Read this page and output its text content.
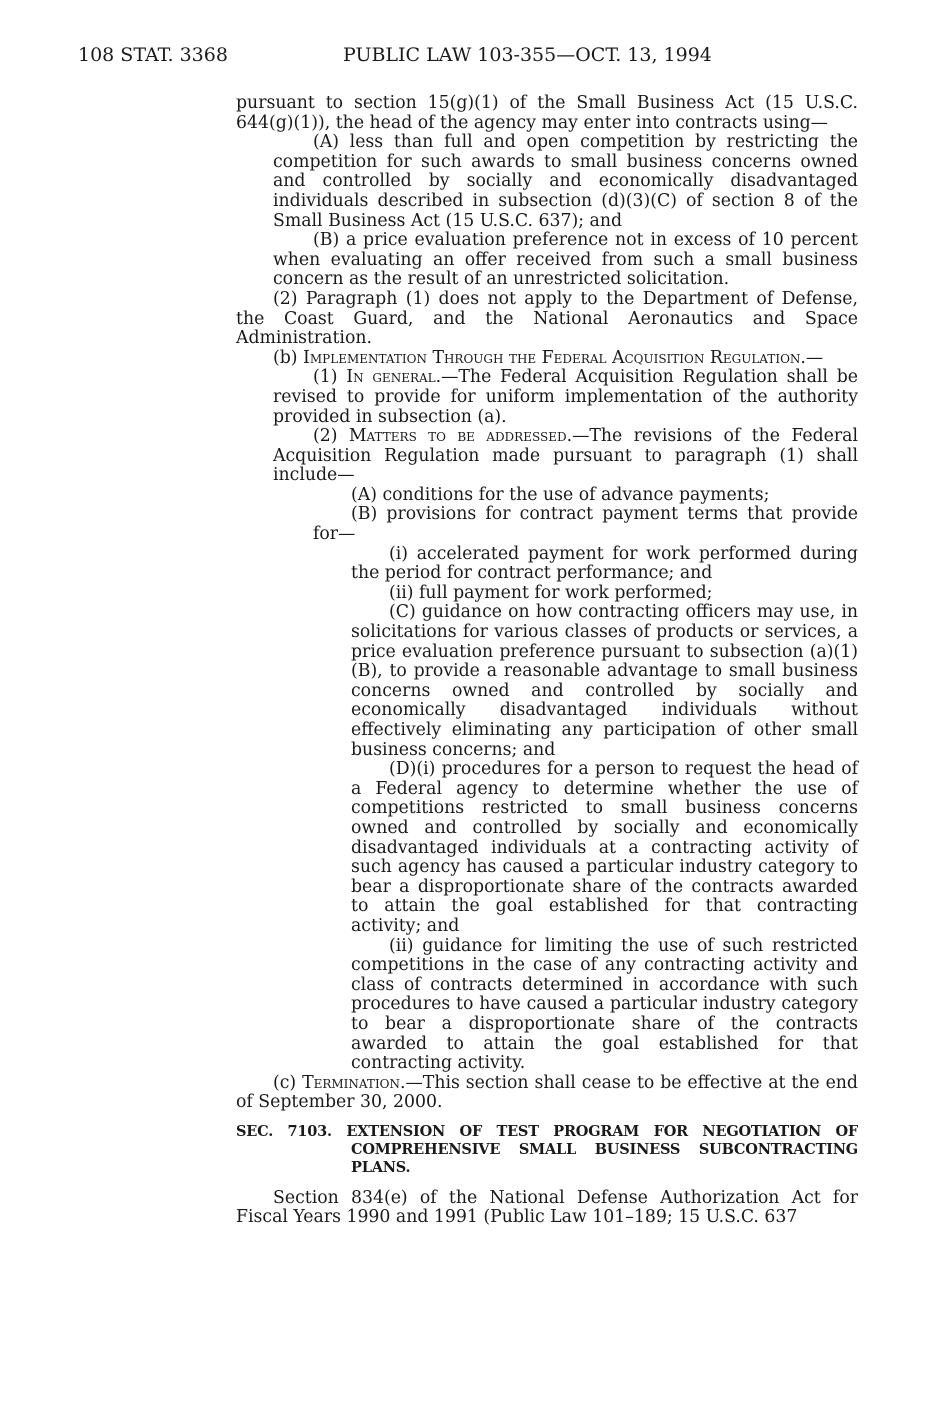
108 STAT. 3368	PUBLIC LAW 103-355—OCT. 13, 1994

pursuant to section 15(g)(1) of the Small Business Act (15 U.S.C. 644(g)(1)), the head of the agency may enter into contracts using—

(A) less than full and open competition by restricting the competition for such awards to small business concerns owned and controlled by socially and economically disadvantaged individuals described in subsection (d)(3)(C) of section 8 of the Small Business Act (15 U.S.C. 637); and

(B) a price evaluation preference not in excess of 10 percent when evaluating an offer received from such a small business concern as the result of an unrestricted solicitation.

(2) Paragraph (1) does not apply to the Department of Defense, the Coast Guard, and the National Aeronautics and Space Administration.

(b) Implementation Through the Federal Acquisition Regulation.—

(1) In general.—The Federal Acquisition Regulation shall be revised to provide for uniform implementation of the authority provided in subsection (a).

(2) Matters to be addressed.—The revisions of the Federal Acquisition Regulation made pursuant to paragraph (1) shall include—

(A) conditions for the use of advance payments;

(B) provisions for contract payment terms that provide for—

(i) accelerated payment for work performed during the period for contract performance; and

(ii) full payment for work performed;

(C) guidance on how contracting officers may use, in solicitations for various classes of products or services, a price evaluation preference pursuant to subsection (a)(1)(B), to provide a reasonable advantage to small business concerns owned and controlled by socially and economically disadvantaged individuals without effectively eliminating any participation of other small business concerns; and

(D)(i) procedures for a person to request the head of a Federal agency to determine whether the use of competitions restricted to small business concerns owned and controlled by socially and economically disadvantaged individuals at a contracting activity of such agency has caused a particular industry category to bear a disproportionate share of the contracts awarded to attain the goal established for that contracting activity; and

(ii) guidance for limiting the use of such restricted competitions in the case of any contracting activity and class of contracts determined in accordance with such procedures to have caused a particular industry category to bear a disproportionate share of the contracts awarded to attain the goal established for that contracting activity.

(c) Termination.—This section shall cease to be effective at the end of September 30, 2000.

SEC. 7103. EXTENSION OF TEST PROGRAM FOR NEGOTIATION OF COMPREHENSIVE SMALL BUSINESS SUBCONTRACTING PLANS.

Section 834(e) of the National Defense Authorization Act for Fiscal Years 1990 and 1991 (Public Law 101–189; 15 U.S.C. 637
